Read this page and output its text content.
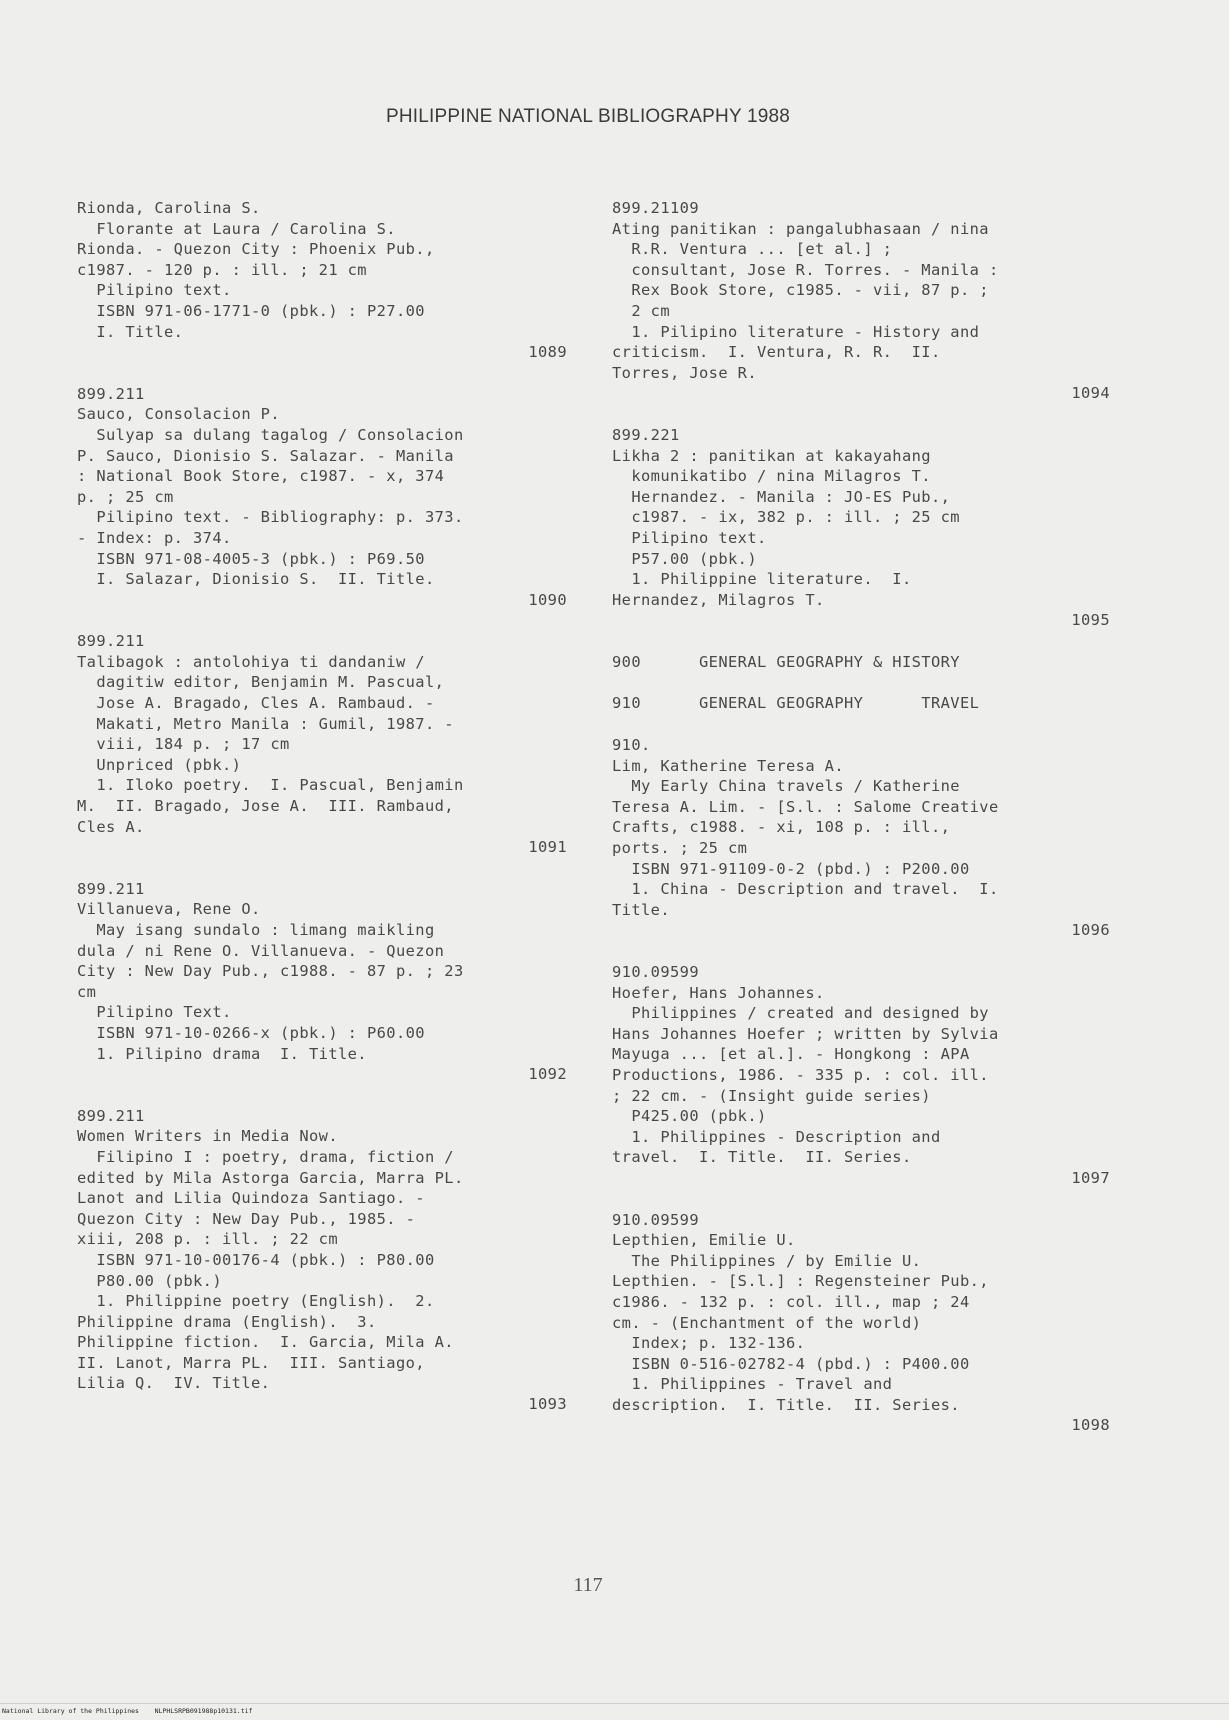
PHILIPPINE NATIONAL BIBLIOGRAPHY 1988
Rionda, Carolina S.
Florante at Laura / Carolina S.
Rionda. - Quezon City : Phoenix Pub.,
c1987. - 120 p. : ill. ; 21 cm
Pilipino text.
ISBN 971-06-1771-0 (pbk.) : P27.00
I. Title.
1089
899.211
Sauco, Consolacion P.
Sulyap sa dulang tagalog / Consolacion
P. Sauco, Dionisio S. Salazar. - Manila
: National Book Store, c1987. - x, 374
p. ; 25 cm
Pilipino text. - Bibliography: p. 373.
- Index: p. 374.
ISBN 971-08-4005-3 (pbk.) : P69.50
I. Salazar, Dionisio S.  II. Title.
1090
899.211
Talibagok : antolohiya ti dandaniw /
dagitiw editor, Benjamin M. Pascual,
Jose A. Bragado, Cles A. Rambaud. -
Makati, Metro Manila : Gumil, 1987. -
viii, 184 p. ; 17 cm
Unpriced (pbk.)
1. Iloko poetry.  I. Pascual, Benjamin
M.  II. Bragado, Jose A.  III. Rambaud,
Cles A.
1091
899.211
Villanueva, Rene O.
May isang sundalo : limang maikling
dula / ni Rene O. Villanueva. - Quezon
City : New Day Pub., c1988. - 87 p. ; 23
cm
Pilipino Text.
ISBN 971-10-0266-x (pbk.) : P60.00
1. Pilipino drama  I. Title.
1092
899.211
Women Writers in Media Now.
Filipino I : poetry, drama, fiction /
edited by Mila Astorga Garcia, Marra PL.
Lanot and Lilia Quindoza Santiago. -
Quezon City : New Day Pub., 1985. -
xiii, 208 p. : ill. ; 22 cm
ISBN 971-10-00176-4 (pbk.) : P80.00
P80.00 (pbk.)
1. Philippine poetry (English).  2.
Philippine drama (English).  3.
Philippine fiction.  I. Garcia, Mila A.
II. Lanot, Marra PL.  III. Santiago,
Lilia Q.  IV. Title.
1093
899.21109
Ating panitikan : pangalubhasaan / nina
R.R. Ventura ... [et al.] ;
consultant, Jose R. Torres. - Manila :
Rex Book Store, c1985. - vii, 87 p. ;
2 cm
1. Pilipino literature - History and
criticism.  I. Ventura, R. R.  II.
Torres, Jose R.
1094
899.221
Likha 2 : panitikan at kakayahang
komunikatibo / nina Milagros T.
Hernandez. - Manila : JO-ES Pub.,
c1987. - ix, 382 p. : ill. ; 25 cm
Pilipino text.
P57.00 (pbk.)
1. Philippine literature.  I.
Hernandez, Milagros T.
1095
900      GENERAL GEOGRAPHY & HISTORY
910      GENERAL GEOGRAPHY      TRAVEL
910.
Lim, Katherine Teresa A.
My Early China travels / Katherine
Teresa A. Lim. - [S.l. : Salome Creative
Crafts, c1988. - xi, 108 p. : ill.,
ports. ; 25 cm
ISBN 971-91109-0-2 (pbd.) : P200.00
1. China - Description and travel.  I.
Title.
1096
910.09599
Hoefer, Hans Johannes.
Philippines / created and designed by
Hans Johannes Hoefer ; written by Sylvia
Mayuga ... [et al.]. - Hongkong : APA
Productions, 1986. - 335 p. : col. ill.
; 22 cm. - (Insight guide series)
P425.00 (pbk.)
1. Philippines - Description and
travel.  I. Title.  II. Series.
1097
910.09599
Lepthien, Emilie U.
The Philippines / by Emilie U.
Lepthien. - [S.l.] : Regensteiner Pub.,
c1986. - 132 p. : col. ill., map ; 24
cm. - (Enchantment of the world)
Index; p. 132-136.
ISBN 0-516-02782-4 (pbd.) : P400.00
1. Philippines - Travel and
description.  I. Title.  II. Series.
1098
117
National Library of the Philippines    NLPHLSRPB091988p10131.tif
